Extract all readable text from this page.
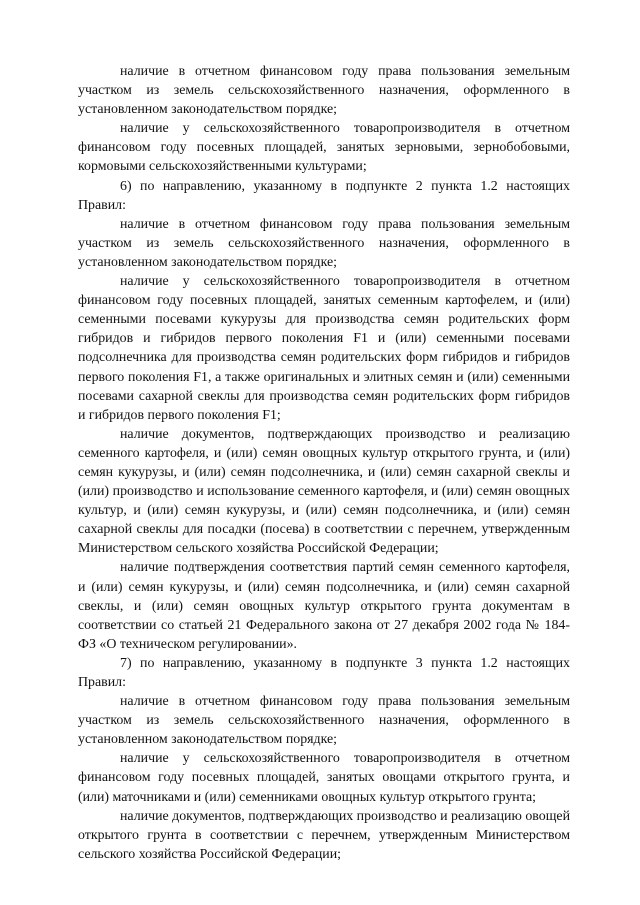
наличие в отчетном финансовом году права пользования земельным участком из земель сельскохозяйственного назначения, оформленного в установленном законодательством порядке;

наличие у сельскохозяйственного товаропроизводителя в отчетном финансовом году посевных площадей, занятых зерновыми, зернобобовыми, кормовыми сельскохозяйственными культурами;

6) по направлению, указанному в подпункте 2 пункта 1.2 настоящих Правил:

наличие в отчетном финансовом году права пользования земельным участком из земель сельскохозяйственного назначения, оформленного в установленном законодательством порядке;

наличие у сельскохозяйственного товаропроизводителя в отчетном финансовом году посевных площадей, занятых семенным картофелем, и (или) семенными посевами кукурузы для производства семян родительских форм гибридов и гибридов первого поколения F1 и (или) семенными посевами подсолнечника для производства семян родительских форм гибридов и гибридов первого поколения F1, а также оригинальных и элитных семян и (или) семенными посевами сахарной свеклы для производства семян родительских форм гибридов и гибридов первого поколения F1;

наличие документов, подтверждающих производство и реализацию семенного картофеля, и (или) семян овощных культур открытого грунта, и (или) семян кукурузы, и (или) семян подсолнечника, и (или) семян сахарной свеклы и (или) производство и использование семенного картофеля, и (или) семян овощных культур, и (или) семян кукурузы, и (или) семян подсолнечника, и (или) семян сахарной свеклы для посадки (посева) в соответствии с перечнем, утвержденным Министерством сельского хозяйства Российской Федерации;

наличие подтверждения соответствия партий семян семенного картофеля, и (или) семян кукурузы, и (или) семян подсолнечника, и (или) семян сахарной свеклы, и (или) семян овощных культур открытого грунта документам в соответствии со статьей 21 Федерального закона от 27 декабря 2002 года № 184-ФЗ «О техническом регулировании».

7) по направлению, указанному в подпункте 3 пункта 1.2 настоящих Правил:

наличие в отчетном финансовом году права пользования земельным участком из земель сельскохозяйственного назначения, оформленного в установленном законодательством порядке;

наличие у сельскохозяйственного товаропроизводителя в отчетном финансовом году посевных площадей, занятых овощами открытого грунта, и (или) маточниками и (или) семенниками овощных культур открытого грунта;

наличие документов, подтверждающих производство и реализацию овощей открытого грунта в соответствии с перечнем, утвержденным Министерством сельского хозяйства Российской Федерации;
